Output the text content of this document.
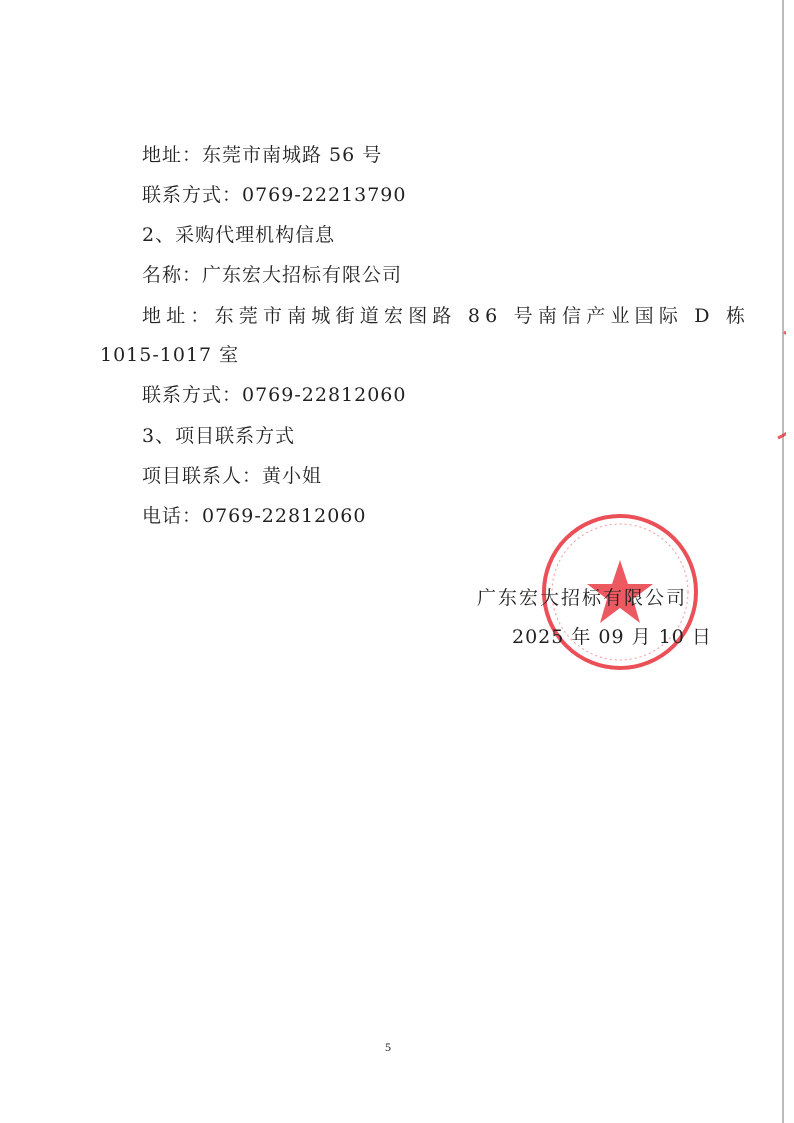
地址：东莞市南城路 56 号
联系方式：0769-22213790
2、采购代理机构信息
名称：广东宏大招标有限公司
地址：东莞市南城街道宏图路 86 号南信产业国际 D 栋
1015-1017 室
联系方式：0769-22812060
3、项目联系方式
项目联系人：黄小姐
电话：0769-22812060
广东宏大招标有限公司
2025 年 09 月 10 日
5
